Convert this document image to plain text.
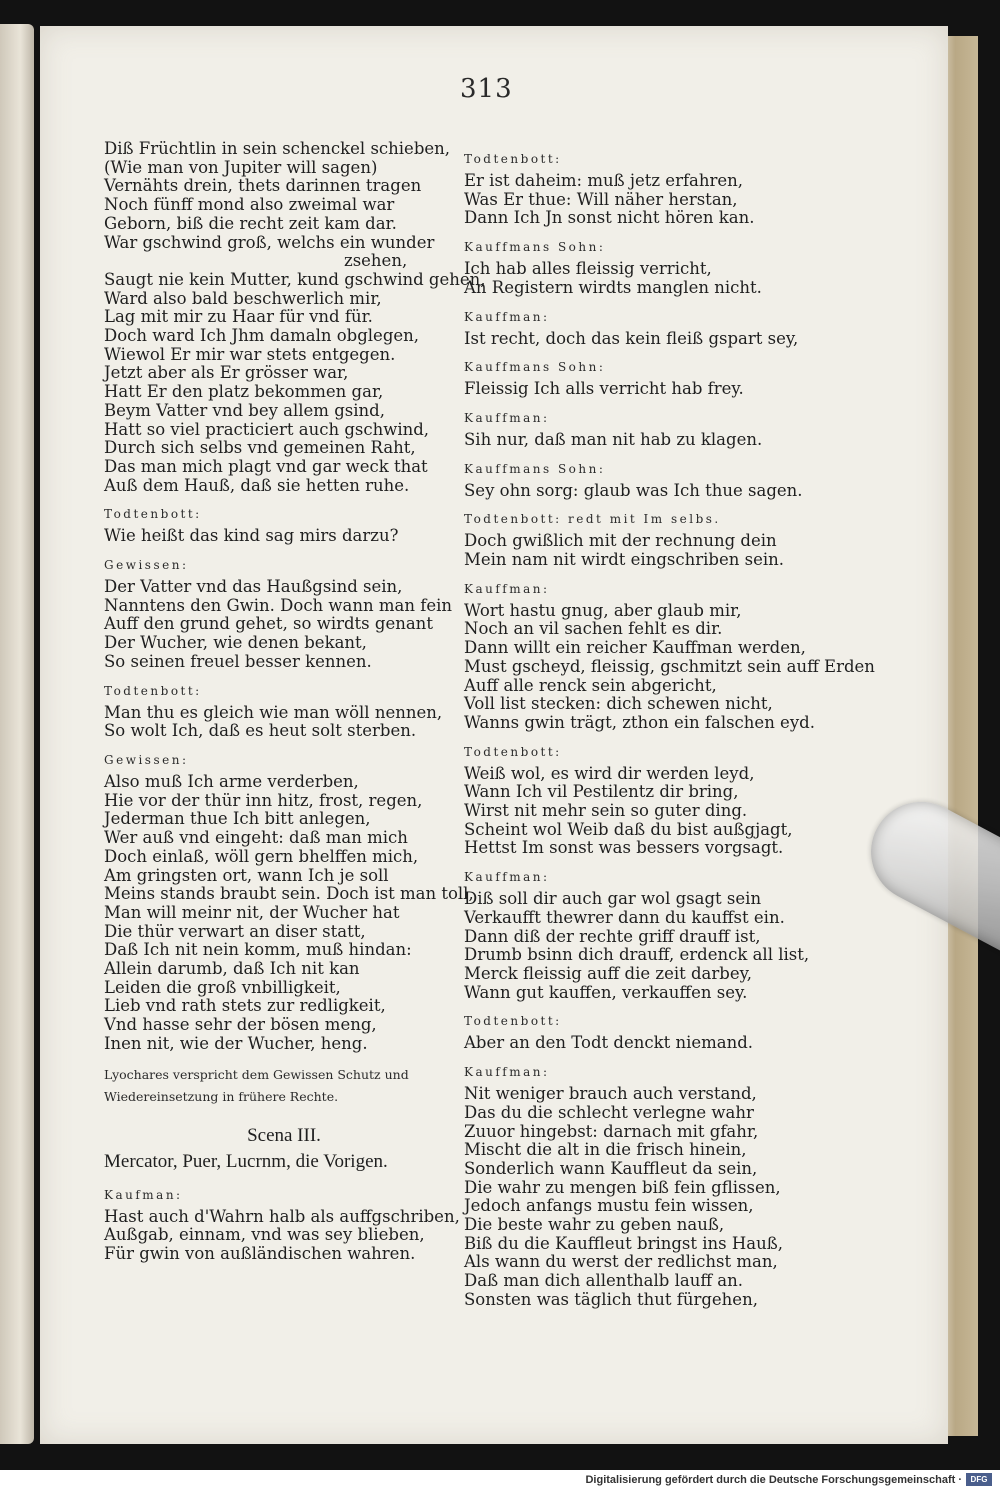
313
Diß Früchtlin in sein schenckel schieben,
(Wie man von Jupiter will sagen)
Vernähts drein, thets darinnen tragen
Noch fünff mond also zweimal war
Geborn, biß die recht zeit kam dar.
War gschwind groß, welchs ein wunder
zsehen,
Saugt nie kein Mutter, kund gschwind gehen,
Ward also bald beschwerlich mir,
Lag mit mir zu Haar für vnd für.
Doch ward Ich Jhm damaln obglegen,
Wiewol Er mir war stets entgegen.
Jetzt aber als Er grösser war,
Hatt Er den platz bekommen gar,
Beym Vatter vnd bey allem gsind,
Hatt so viel practiciert auch gschwind,
Durch sich selbs vnd gemeinen Raht,
Das man mich plagt vnd gar weck that
Auß dem Hauß, daß sie hetten ruhe.
Todtenbott:
Wie heißt das kind sag mirs darzu?
Gewissen:
Der Vatter vnd das Haußgsind sein,
Nanntens den Gwin. Doch wann man fein
Auff den grund gehet, so wirdts genant
Der Wucher, wie denen bekant,
So seinen freuel besser kennen.
Todtenbott:
Man thu es gleich wie man wöll nennen,
So wolt Ich, daß es heut solt sterben.
Gewissen:
Also muß Ich arme verderben,
Hie vor der thür inn hitz, frost, regen,
Jederman thue Ich bitt anlegen,
Wer auß vnd eingeht: daß man mich
Doch einlaß, wöll gern bhelffen mich,
Am gringsten ort, wann Ich je soll
Meins stands braubt sein. Doch ist man toll,
Man will meinr nit, der Wucher hat
Die thür verwart an diser statt,
Daß Ich nit nein komm, muß hindan:
Allein darumb, daß Ich nit kan
Leiden die groß vnbilligkeit,
Lieb vnd rath stets zur redligkeit,
Vnd hasse sehr der bösen meng,
Inen nit, wie der Wucher, heng.
Lyochares verspricht dem Gewissen Schutz und
Wiedereinsetzung in frühere Rechte.
Scena III.
Mercator, Puer, Lucrnm, die Vorigen.
Kaufman:
Hast auch d'Wahrn halb als auffgschriben,
Außgab, einnam, vnd was sey blieben,
Für gwin von außländischen wahren.
Todtenbott:
Er ist daheim: muß jetz erfahren,
Was Er thue: Will näher herstan,
Dann Ich Jn sonst nicht hören kan.
Kauffmans Sohn:
Ich hab alles fleissig verricht,
An Registern wirdts manglen nicht.
Kauffman:
Ist recht, doch das kein fleiß gspart sey,
Kauffmans Sohn:
Fleissig Ich alls verricht hab frey.
Kauffman:
Sih nur, daß man nit hab zu klagen.
Kauffmans Sohn:
Sey ohn sorg: glaub was Ich thue sagen.
Todtenbott: redt mit Im selbs.
Doch gwißlich mit der rechnung dein
Mein nam nit wirdt eingschriben sein.
Kauffman:
Wort hastu gnug, aber glaub mir,
Noch an vil sachen fehlt es dir.
Dann willt ein reicher Kauffman werden,
Must gscheyd, fleissig, gschmitzt sein auff Erden
Auff alle renck sein abgericht,
Voll list stecken: dich schewen nicht,
Wanns gwin trägt, zthon ein falschen eyd.
Todtenbott:
Weiß wol, es wird dir werden leyd,
Wann Ich vil Pestilentz dir bring,
Wirst nit mehr sein so guter ding.
Scheint wol Weib daß du bist außgjagt,
Hettst Im sonst was bessers vorgsagt.
Kauffman:
Diß soll dir auch gar wol gsagt sein
Verkaufft thewrer dann du kauffst ein.
Dann diß der rechte griff drauff ist,
Drumb bsinn dich drauff, erdenck all list,
Merck fleissig auff die zeit darbey,
Wann gut kauffen, verkauffen sey.
Todtenbott:
Aber an den Todt denckt niemand.
Kauffman:
Nit weniger brauch auch verstand,
Das du die schlecht verlegne wahr
Zuuor hingebst: darnach mit gfahr,
Mischt die alt in die frisch hinein,
Sonderlich wann Kauffleut da sein,
Die wahr zu mengen biß fein gflissen,
Jedoch anfangs mustu fein wissen,
Die beste wahr zu geben nauß,
Biß du die Kauffleut bringst ins Hauß,
Als wann du werst der redlichst man,
Daß man dich allenthalb lauff an.
Sonsten was täglich thut fürgehen,
Digitalisierung gefördert durch die Deutsche Forschungsgemeinschaft ·	DFG
